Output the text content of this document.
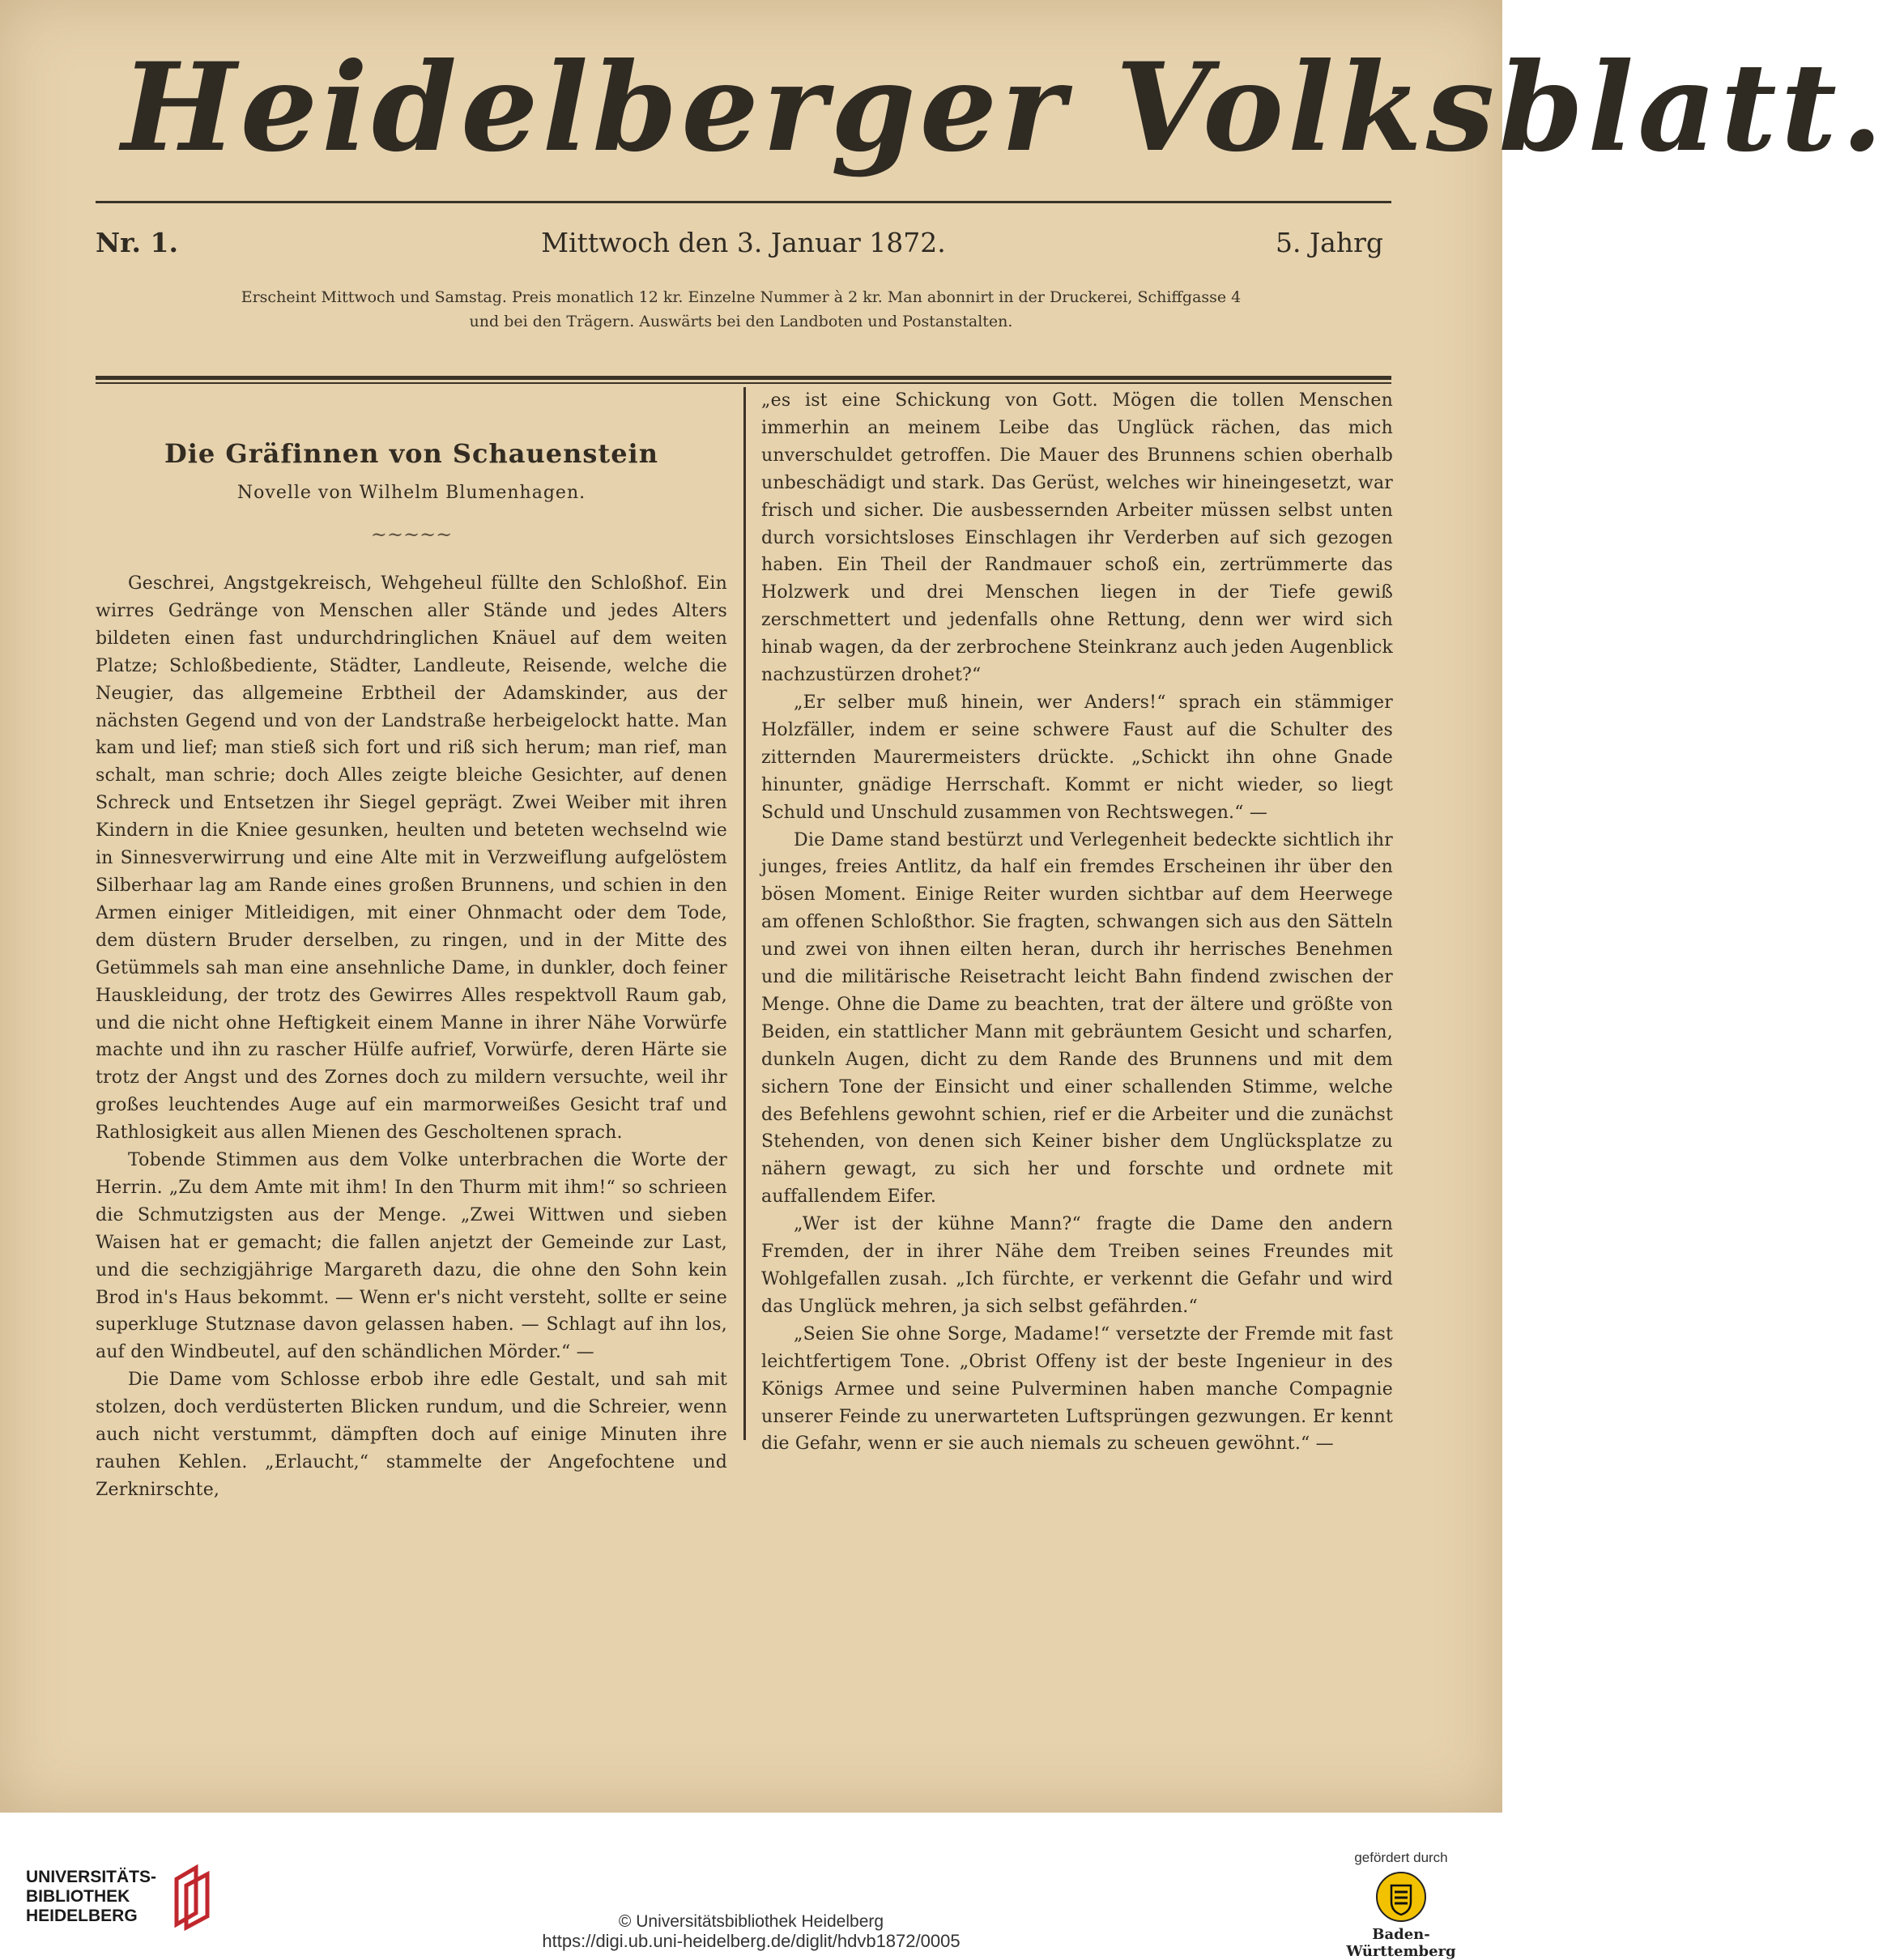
Heidelberger Volksblatt.
Nr. 1.	Mittwoch den 3. Januar 1872.	5. Jahrg
Erscheint Mittwoch und Samstag. Preis monatlich 12 kr. Einzelne Nummer à 2 kr. Man abonnirt in der Druckerei, Schiffgasse 4
und bei den Trägern. Auswärts bei den Landboten und Postanstalten.
Die Gräfinnen von Schauenstein
Novelle von Wilhelm Blumenhagen.
~~~~~

Geschrei, Angstgekreisch, Wehgeheul füllte den Schloßhof. Ein wirres Gedränge von Menschen aller Stände und jedes Alters bildeten einen fast undurchdringlichen Knäuel auf dem weiten Platze; Schloßbediente, Städter, Landleute, Reisende, welche die Neugier, das allgemeine Erbtheil der Adamskinder, aus der nächsten Gegend und von der Landstraße herbeigelockt hatte. Man kam und lief; man stieß sich fort und riß sich herum; man rief, man schalt, man schrie; doch Alles zeigte bleiche Gesichter, auf denen Schreck und Entsetzen ihr Siegel geprägt. Zwei Weiber mit ihren Kindern in die Kniee gesunken, heulten und beteten wechselnd wie in Sinnesverwirrung und eine Alte mit in Verzweiflung aufgelöstem Silberhaar lag am Rande eines großen Brunnens, und schien in den Armen einiger Mitleidigen, mit einer Ohnmacht oder dem Tode, dem düstern Bruder derselben, zu ringen, und in der Mitte des Getümmels sah man eine ansehnliche Dame, in dunkler, doch feiner Hauskleidung, der trotz des Gewirres Alles respektvoll Raum gab, und die nicht ohne Heftigkeit einem Manne in ihrer Nähe Vorwürfe machte und ihn zu rascher Hülfe aufrief, Vorwürfe, deren Härte sie trotz der Angst und des Zornes doch zu mildern versuchte, weil ihr großes leuchtendes Auge auf ein marmorweißes Gesicht traf und Rathlosigkeit aus allen Mienen des Gescholtenen sprach.

Tobende Stimmen aus dem Volke unterbrachen die Worte der Herrin. „Zu dem Amte mit ihm! In den Thurm mit ihm!“ so schrieen die Schmutzigsten aus der Menge. „Zwei Wittwen und sieben Waisen hat er gemacht; die fallen anjetzt der Gemeinde zur Last, und die sechzigjährige Margareth dazu, die ohne den Sohn kein Brod in's Haus bekommt. — Wenn er's nicht versteht, sollte er seine superkluge Stutznase davon gelassen haben. — Schlagt auf ihn los, auf den Windbeutel, auf den schändlichen Mörder.“ —

Die Dame vom Schlosse erbob ihre edle Gestalt, und sah mit stolzen, doch verdüsterten Blicken rundum, und die Schreier, wenn auch nicht verstummt, dämpften doch auf einige Minuten ihre rauhen Kehlen. „Erlaucht,“ stammelte der Angefochtene und Zerknirschte,

„es ist eine Schickung von Gott. Mögen die tollen Menschen immerhin an meinem Leibe das Unglück rächen, das mich unverschuldet getroffen. Die Mauer des Brunnens schien oberhalb unbeschädigt und stark. Das Gerüst, welches wir hineingesetzt, war frisch und sicher. Die ausbessernden Arbeiter müssen selbst unten durch vorsichtsloses Einschlagen ihr Verderben auf sich gezogen haben. Ein Theil der Randmauer schoß ein, zertrümmerte das Holzwerk und drei Menschen liegen in der Tiefe gewiß zerschmettert und jedenfalls ohne Rettung, denn wer wird sich hinab wagen, da der zerbrochene Steinkranz auch jeden Augenblick nachzustürzen drohet?“

„Er selber muß hinein, wer Anders!“ sprach ein stämmiger Holzfäller, indem er seine schwere Faust auf die Schulter des zitternden Maurermeisters drückte. „Schickt ihn ohne Gnade hinunter, gnädige Herrschaft. Kommt er nicht wieder, so liegt Schuld und Unschuld zusammen von Rechtswegen.“ —

Die Dame stand bestürzt und Verlegenheit bedeckte sichtlich ihr junges, freies Antlitz, da half ein fremdes Erscheinen ihr über den bösen Moment. Einige Reiter wurden sichtbar auf dem Heerwege am offenen Schloßthor. Sie fragten, schwangen sich aus den Sätteln und zwei von ihnen eilten heran, durch ihr herrisches Benehmen und die militärische Reisetracht leicht Bahn findend zwischen der Menge. Ohne die Dame zu beachten, trat der ältere und größte von Beiden, ein stattlicher Mann mit gebräuntem Gesicht und scharfen, dunkeln Augen, dicht zu dem Rande des Brunnens und mit dem sichern Tone der Einsicht und einer schallenden Stimme, welche des Befehlens gewohnt schien, rief er die Arbeiter und die zunächst Stehenden, von denen sich Keiner bisher dem Unglücksplatze zu nähern gewagt, zu sich her und forschte und ordnete mit auffallendem Eifer.

„Wer ist der kühne Mann?“ fragte die Dame den andern Fremden, der in ihrer Nähe dem Treiben seines Freundes mit Wohlgefallen zusah. „Ich fürchte, er verkennt die Gefahr und wird das Unglück mehren, ja sich selbst gefährden.“

„Seien Sie ohne Sorge, Madame!“ versetzte der Fremde mit fast leichtfertigem Tone. „Obrist Offeny ist der beste Ingenieur in des Königs Armee und seine Pulverminen haben manche Compagnie unserer Feinde zu unerwarteten Luftsprüngen gezwungen. Er kennt die Gefahr, wenn er sie auch niemals zu scheuen gewöhnt.“ —

UNIVERSITÄTS-
BIBLIOTHEK
HEIDELBERG	© Universitätsbibliothek Heidelberg
https://digi.ub.uni-heidelberg.de/diglit/hdvb1872/0005
gefördert durch
Baden-Württemberg
